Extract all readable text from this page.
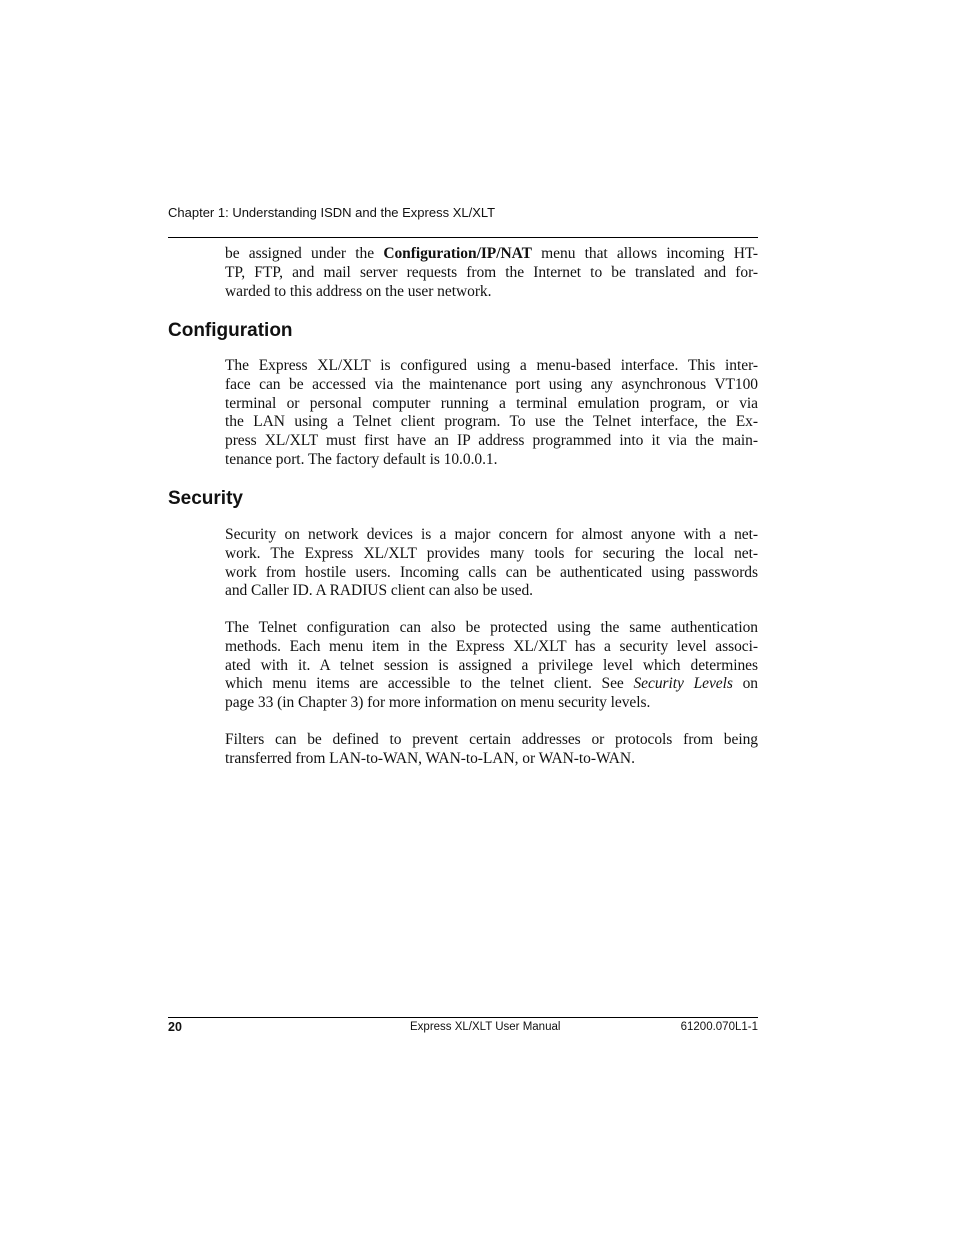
Chapter 1: Understanding ISDN and the Express XL/XLT

be assigned under the Configuration/IP/NAT menu that allows incoming HT-
TP, FTP, and mail server requests from the Internet to be translated and for-
warded to this address on the user network.

Configuration

The Express XL/XLT is configured using a menu-based interface. This inter-
face can be accessed via the maintenance port using any asynchronous VT100
terminal or personal computer running a terminal emulation program, or via
the LAN using a Telnet client program. To use the Telnet interface, the Ex-
press XL/XLT must first have an IP address programmed into it via the main-
tenance port. The factory default is 10.0.0.1.

Security

Security on network devices is a major concern for almost anyone with a net-
work. The Express XL/XLT provides many tools for securing the local net-
work from hostile users. Incoming calls can be authenticated using passwords
and Caller ID. A RADIUS client can also be used.

The Telnet configuration can also be protected using the same authentication
methods. Each menu item in the Express XL/XLT has a security level associ-
ated with it. A telnet session is assigned a privilege level which determines
which menu items are accessible to the telnet client. See Security Levels on
page 33 (in Chapter 3) for more information on menu security levels.

Filters can be defined to prevent certain addresses or protocols from being
transferred from LAN-to-WAN, WAN-to-LAN, or WAN-to-WAN.

20	Express XL/XLT User Manual	61200.070L1-1
